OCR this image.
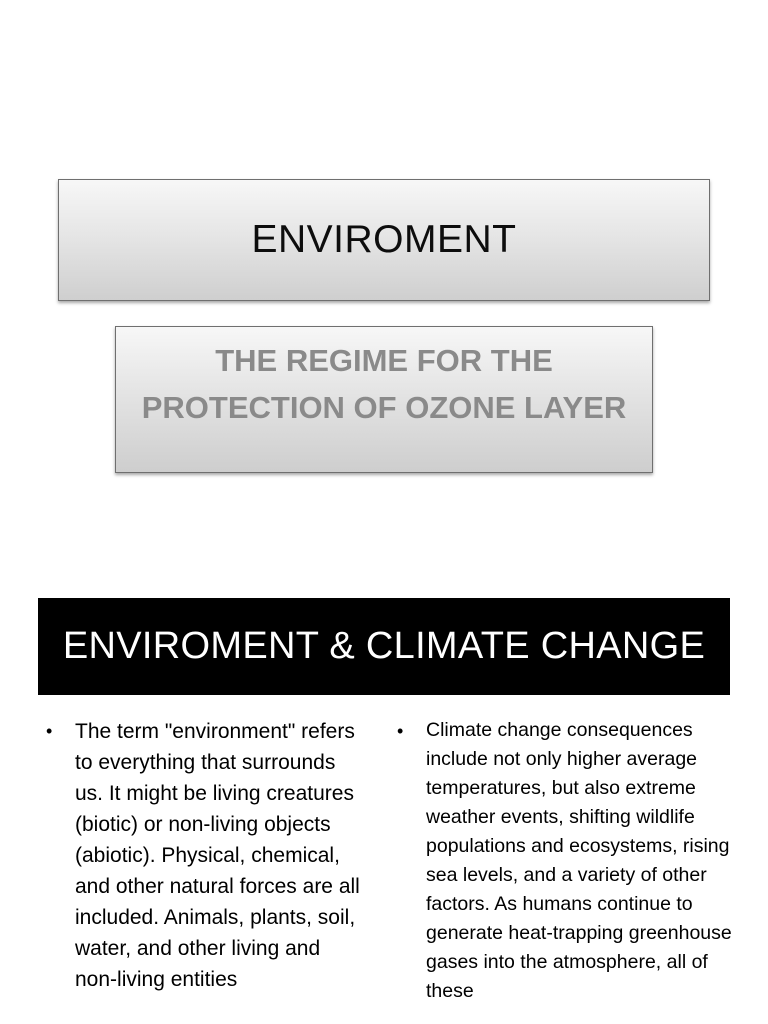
ENVIROMENT
THE REGIME FOR THE
PROTECTION OF OZONE LAYER
ENVIROMENT & CLIMATE CHANGE
• The term "environment" refers to everything that surrounds us. It might be living creatures (biotic) or non-living objects (abiotic). Physical, chemical, and other natural forces are all included. Animals, plants, soil, water, and other living and non-living entities
• Climate change consequences include not only higher average temperatures, but also extreme weather events, shifting wildlife populations and ecosystems, rising sea levels, and a variety of other factors. As humans continue to generate heat-trapping greenhouse gases into the atmosphere, all of these
